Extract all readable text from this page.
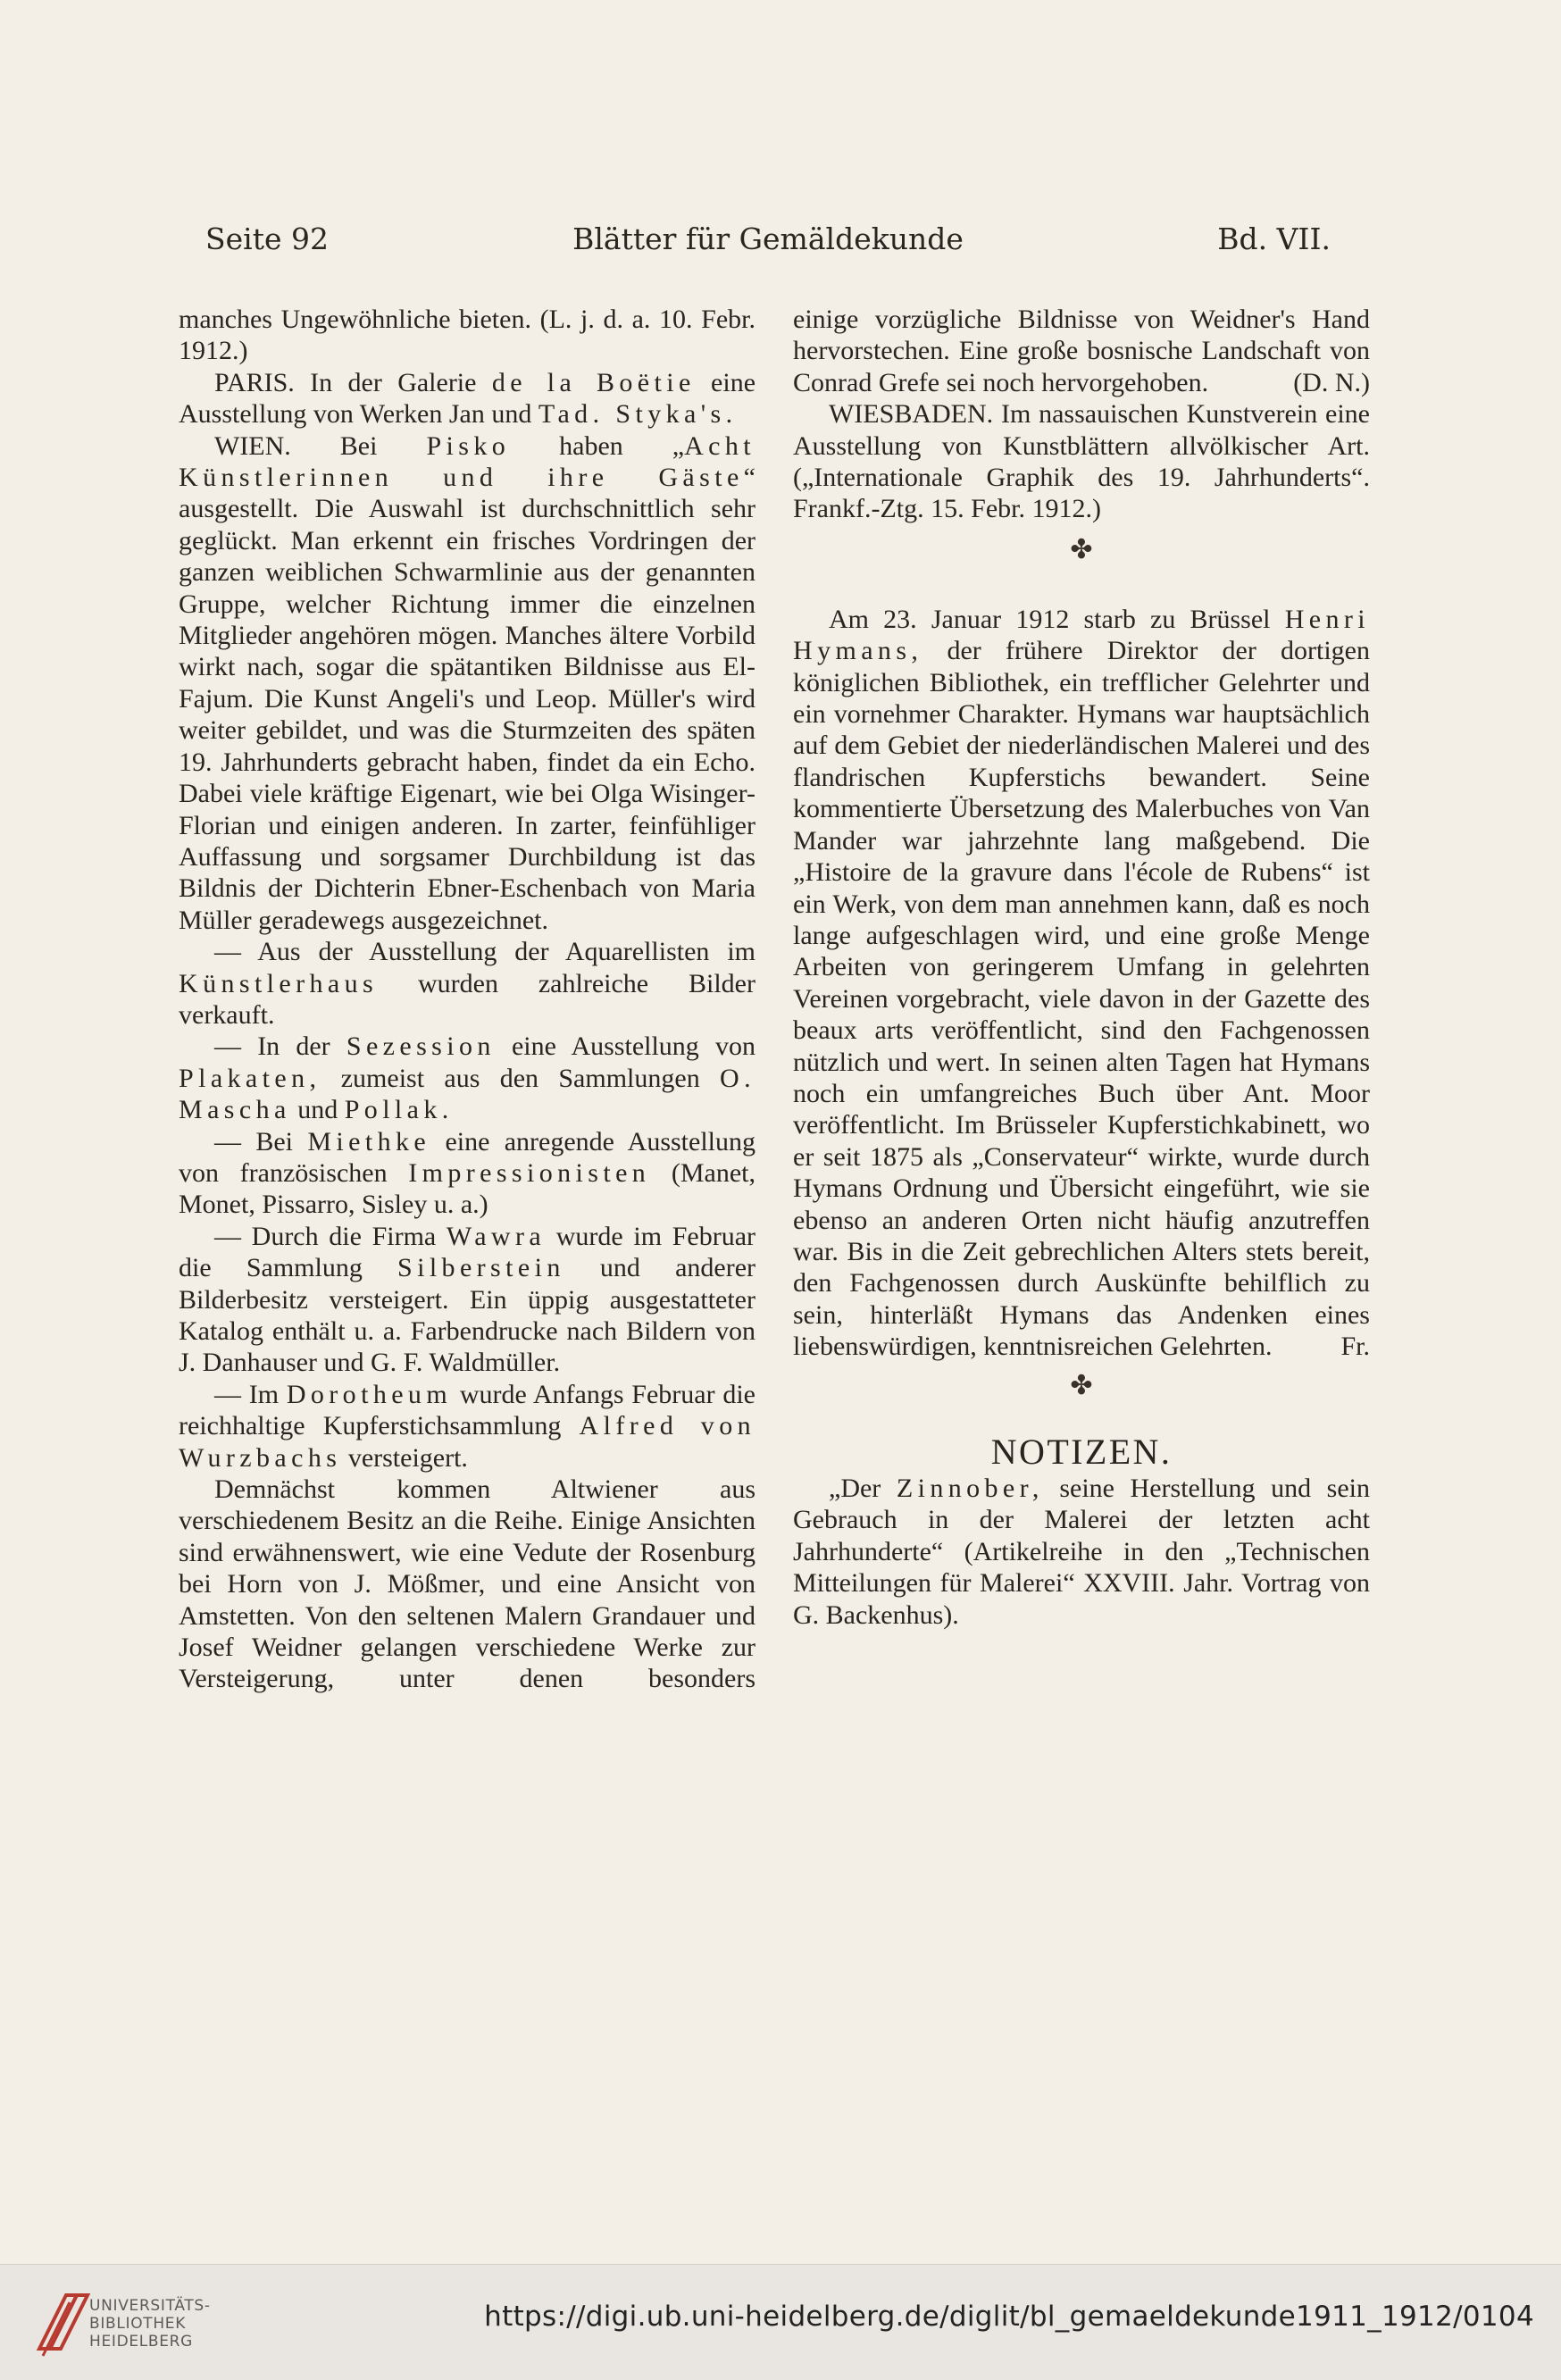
Seite 92	Blätter für Gemäldekunde	Bd. VII.

manches Ungewöhnliche bieten. (L. j. d. a. 10. Febr. 1912.)

PARIS. In der Galerie de la Boëtie eine Ausstellung von Werken Jan und Tad. Styka's.

WIEN. Bei Pisko haben „Acht Künstlerinnen und ihre Gäste“ ausgestellt. Die Auswahl ist durchschnittlich sehr geglückt. Man erkennt ein frisches Vordringen der ganzen weiblichen Schwarmlinie aus der genannten Gruppe, welcher Richtung immer die einzelnen Mitglieder angehören mögen. Manches ältere Vorbild wirkt nach, sogar die spätantiken Bildnisse aus El-Fajum. Die Kunst Angeli's und Leop. Müller's wird weiter gebildet, und was die Sturmzeiten des späten 19. Jahrhunderts gebracht haben, findet da ein Echo. Dabei viele kräftige Eigenart, wie bei Olga Wisinger-Florian und einigen anderen. In zarter, feinfühliger Auffassung und sorgsamer Durchbildung ist das Bildnis der Dichterin Ebner-Eschenbach von Maria Müller geradewegs ausgezeichnet.

— Aus der Ausstellung der Aquarellisten im Künstlerhaus wurden zahlreiche Bilder verkauft.

— In der Sezession eine Ausstellung von Plakaten, zumeist aus den Sammlungen O. Mascha und Pollak.

— Bei Miethke eine anregende Ausstellung von französischen Impressionisten (Manet, Monet, Pissarro, Sisley u. a.)

— Durch die Firma Wawra wurde im Februar die Sammlung Silberstein und anderer Bilderbesitz versteigert. Ein üppig ausgestatteter Katalog enthält u. a. Farbendrucke nach Bildern von J. Danhauser und G. F. Waldmüller.

— Im Dorotheum wurde Anfangs Februar die reichhaltige Kupferstichsammlung Alfred von Wurzbachs versteigert.

Demnächst kommen Altwiener aus verschiedenem Besitz an die Reihe. Einige Ansichten sind erwähnenswert, wie eine Vedute der Rosenburg bei Horn von J. Mößmer, und eine Ansicht von Amstetten. Von den seltenen Malern Grandauer und Josef Weidner gelangen verschiedene Werke zur Versteigerung, unter denen besonders

einige vorzügliche Bildnisse von Weidner's Hand hervorstechen. Eine große bosnische Landschaft von Conrad Grefe sei noch hervorgehoben.	(D. N.)

WIESBADEN. Im nassauischen Kunstverein eine Ausstellung von Kunstblättern allvölkischer Art. („Internationale Graphik des 19. Jahrhunderts“. Frankf.-Ztg. 15. Febr. 1912.)

✤

Am 23. Januar 1912 starb zu Brüssel Henri Hymans, der frühere Direktor der dortigen königlichen Bibliothek, ein trefflicher Gelehrter und ein vornehmer Charakter. Hymans war hauptsächlich auf dem Gebiet der niederländischen Malerei und des flandrischen Kupferstichs bewandert. Seine kommentierte Übersetzung des Malerbuches von Van Mander war jahrzehnte lang maßgebend. Die „Histoire de la gravure dans l'école de Rubens“ ist ein Werk, von dem man annehmen kann, daß es noch lange aufgeschlagen wird, und eine große Menge Arbeiten von geringerem Umfang in gelehrten Vereinen vorgebracht, viele davon in der Gazette des beaux arts veröffentlicht, sind den Fachgenossen nützlich und wert. In seinen alten Tagen hat Hymans noch ein umfangreiches Buch über Ant. Moor veröffentlicht. Im Brüsseler Kupferstichkabinett, wo er seit 1875 als „Conservateur“ wirkte, wurde durch Hymans Ordnung und Übersicht eingeführt, wie sie ebenso an anderen Orten nicht häufig anzutreffen war. Bis in die Zeit gebrechlichen Alters stets bereit, den Fachgenossen durch Auskünfte behilflich zu sein, hinterläßt Hymans das Andenken eines liebenswürdigen, kenntnisreichen Gelehrten.	Fr.

✤
NOTIZEN.

„Der Zinnober, seine Herstellung und sein Gebrauch in der Malerei der letzten acht Jahrhunderte“ (Artikelreihe in den „Technischen Mitteilungen für Malerei“ XXVIII. Jahr. Vortrag von G. Backenhus).

UNIVERSITÄTS-
BIBLIOTHEK
HEIDELBERG
https://digi.ub.uni-heidelberg.de/diglit/bl_gemaeldekunde1911_1912/0104
